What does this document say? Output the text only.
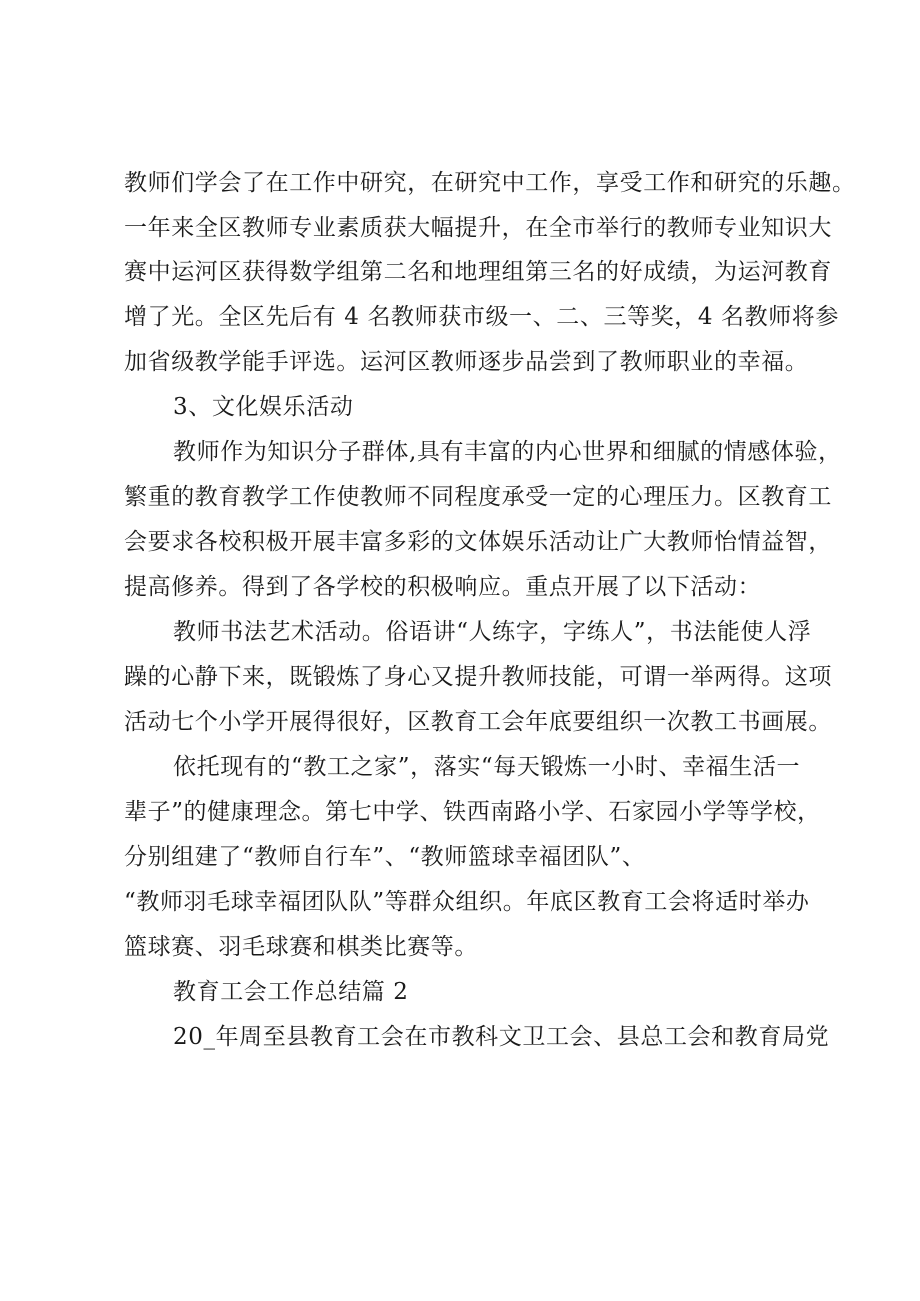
教师们学会了在工作中研究，在研究中工作，享受工作和研究的乐趣。
一年来全区教师专业素质获大幅提升，在全市举行的教师专业知识大
赛中运河区获得数学组第二名和地理组第三名的好成绩，为运河教育
增了光。全区先后有 4 名教师获市级一、二、三等奖，4 名教师将参
加省级教学能手评选。运河区教师逐步品尝到了教师职业的幸福。
3、文化娱乐活动
教师作为知识分子群体,具有丰富的内心世界和细腻的情感体验，
繁重的教育教学工作使教师不同程度承受一定的心理压力。区教育工
会要求各校积极开展丰富多彩的文体娱乐活动让广大教师怡情益智，
提高修养。得到了各学校的积极响应。重点开展了以下活动：
教师书法艺术活动。俗语讲“人练字，字练人”，书法能使人浮
躁的心静下来，既锻炼了身心又提升教师技能，可谓一举两得。这项
活动七个小学开展得很好，区教育工会年底要组织一次教工书画展。
依托现有的“教工之家”，落实“每天锻炼一小时、幸福生活一
辈子”的健康理念。第七中学、铁西南路小学、石家园小学等学校，
分别组建了“教师自行车”、“教师篮球幸福团队”、
“教师羽毛球幸福团队队”等群众组织。年底区教育工会将适时举办
篮球赛、羽毛球赛和棋类比赛等。
教育工会工作总结篇 2
20_年周至县教育工会在市教科文卫工会、县总工会和教育局党
